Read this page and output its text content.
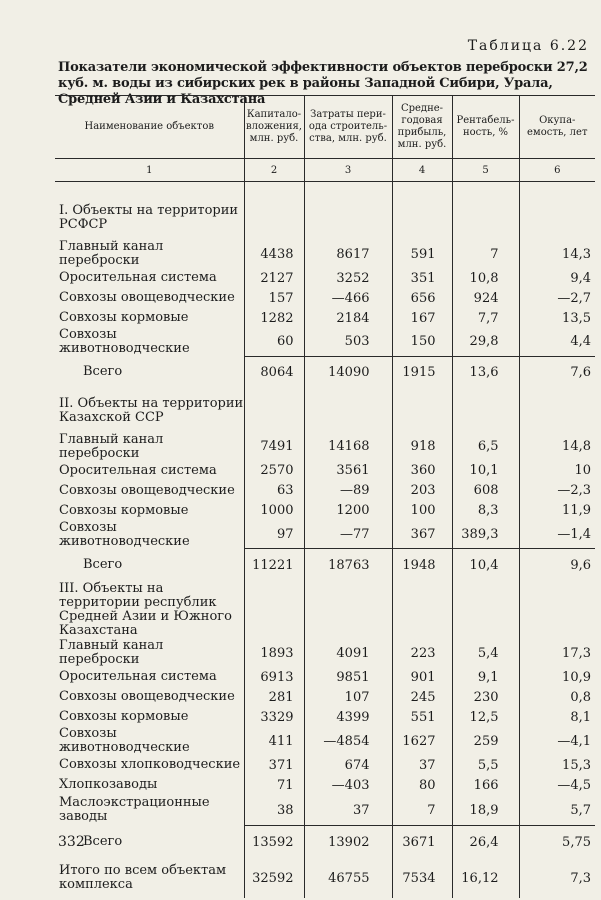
Таблица 6.22
Показатели экономической эффективности объектов переброски 27,2 куб. м. воды из сибирских рек в районы Западной Сибири, Урала, Средней Азии и Казахстана
Наименование объектов	Капитало-
вложения,
млн. руб.	Затраты пери-
ода строитель-
ства, млн. руб.	Средне-
годовая
прибыль,
млн. руб.	Рентабель-
ность, %	Окупа-
емость, лет
1	2	3	4	5	6

I. Объекты на территории РСФСР					
Главный канал переброски	4438	8617	591	7	14,3
Оросительная система	2127	3252	351	10,8	9,4
Совхозы овощеводческие	157	—466	656	924	—2,7
Совхозы кормовые	1282	2184	167	7,7	13,5
Совхозы животноводческие	60	503	150	29,8	4,4
Всего	8064	14090	1915	13,6	7,6
II. Объекты на территории Казахской ССР					
Главный канал переброски	7491	14168	918	6,5	14,8
Оросительная система	2570	3561	360	10,1	10
Совхозы овощеводческие	63	—89	203	608	—2,3
Совхозы кормовые	1000	1200	100	8,3	11,9
Совхозы животноводческие	97	—77	367	389,3	—1,4
Всего	11221	18763	1948	10,4	9,6
III. Объекты на территории республик Средней Азии и Южного Казахстана					
Главный канал переброски	1893	4091	223	5,4	17,3
Оросительная система	6913	9851	901	9,1	10,9
Совхозы овощеводческие	281	107	245	230	0,8
Совхозы кормовые	3329	4399	551	12,5	8,1
Совхозы животноводческие	411	—4854	1627	259	—4,1
Совхозы хлопководческие	371	674	37	5,5	15,3
Хлопкозаводы	71	—403	80	166	—4,5
Маслоэкстрационные заводы	38	37	7	18,9	5,7
Всего	13592	13902	3671	26,4	5,75
Итого по всем объектам комплекса	32592	46755	7534	16,12	7,3
332
